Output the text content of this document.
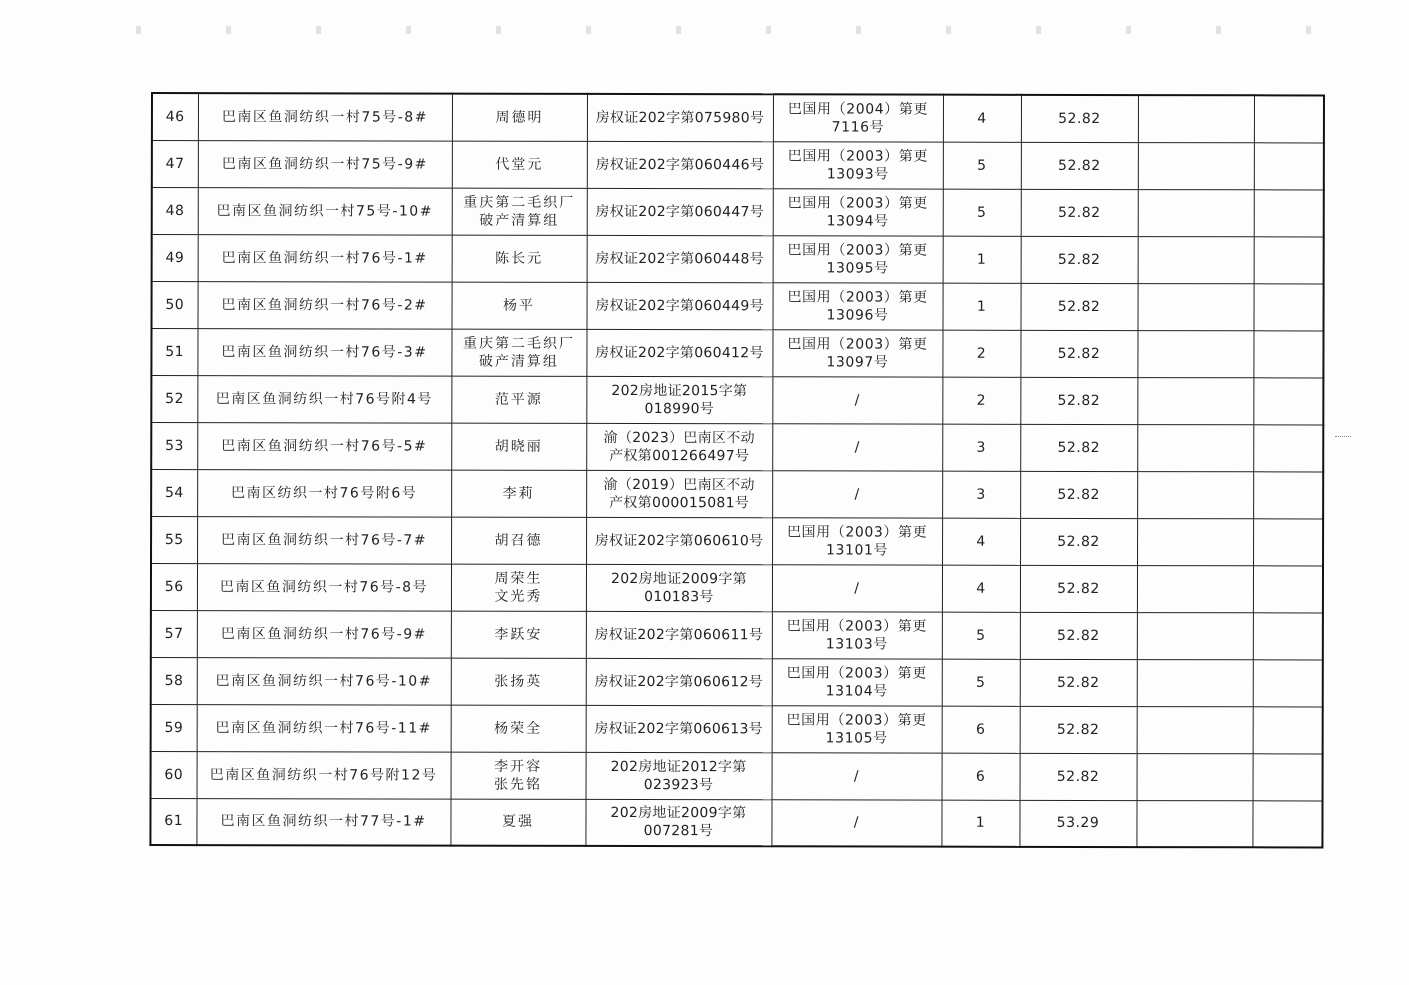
46	巴南区鱼洞纺织一村75号-8#	周德明	房权证202字第075980号	巴国用（2004）第更
7116号	4	52.82		

47	巴南区鱼洞纺织一村75号-9#	代堂元	房权证202字第060446号	巴国用（2003）第更
13093号	5	52.82		

48	巴南区鱼洞纺织一村75号-10#	重庆第二毛织厂
破产清算组	房权证202字第060447号	巴国用（2003）第更
13094号	5	52.82		

49	巴南区鱼洞纺织一村76号-1#	陈长元	房权证202字第060448号	巴国用（2003）第更
13095号	1	52.82		

50	巴南区鱼洞纺织一村76号-2#	杨平	房权证202字第060449号	巴国用（2003）第更
13096号	1	52.82		

51	巴南区鱼洞纺织一村76号-3#	重庆第二毛织厂
破产清算组	房权证202字第060412号	巴国用（2003）第更
13097号	2	52.82		

52	巴南区鱼洞纺织一村76号附4号	范平源	202房地证2015字第
018990号	/	2	52.82		

53	巴南区鱼洞纺织一村76号-5#	胡晓丽	渝（2023）巴南区不动
产权第001266497号	/	3	52.82		

54	巴南区纺织一村76号附6号	李莉	渝（2019）巴南区不动
产权第000015081号	/	3	52.82		

55	巴南区鱼洞纺织一村76号-7#	胡召德	房权证202字第060610号	巴国用（2003）第更
13101号	4	52.82		

56	巴南区鱼洞纺织一村76号-8号	周荣生
文光秀	202房地证2009字第
010183号	/	4	52.82		

57	巴南区鱼洞纺织一村76号-9#	李跃安	房权证202字第060611号	巴国用（2003）第更
13103号	5	52.82		

58	巴南区鱼洞纺织一村76号-10#	张扬英	房权证202字第060612号	巴国用（2003）第更
13104号	5	52.82		

59	巴南区鱼洞纺织一村76号-11#	杨荣全	房权证202字第060613号	巴国用（2003）第更
13105号	6	52.82		

60	巴南区鱼洞纺织一村76号附12号	李开容
张先铭	202房地证2012字第
023923号	/	6	52.82		

61	巴南区鱼洞纺织一村77号-1#	夏强	202房地证2009字第
007281号	/	1	53.29		
